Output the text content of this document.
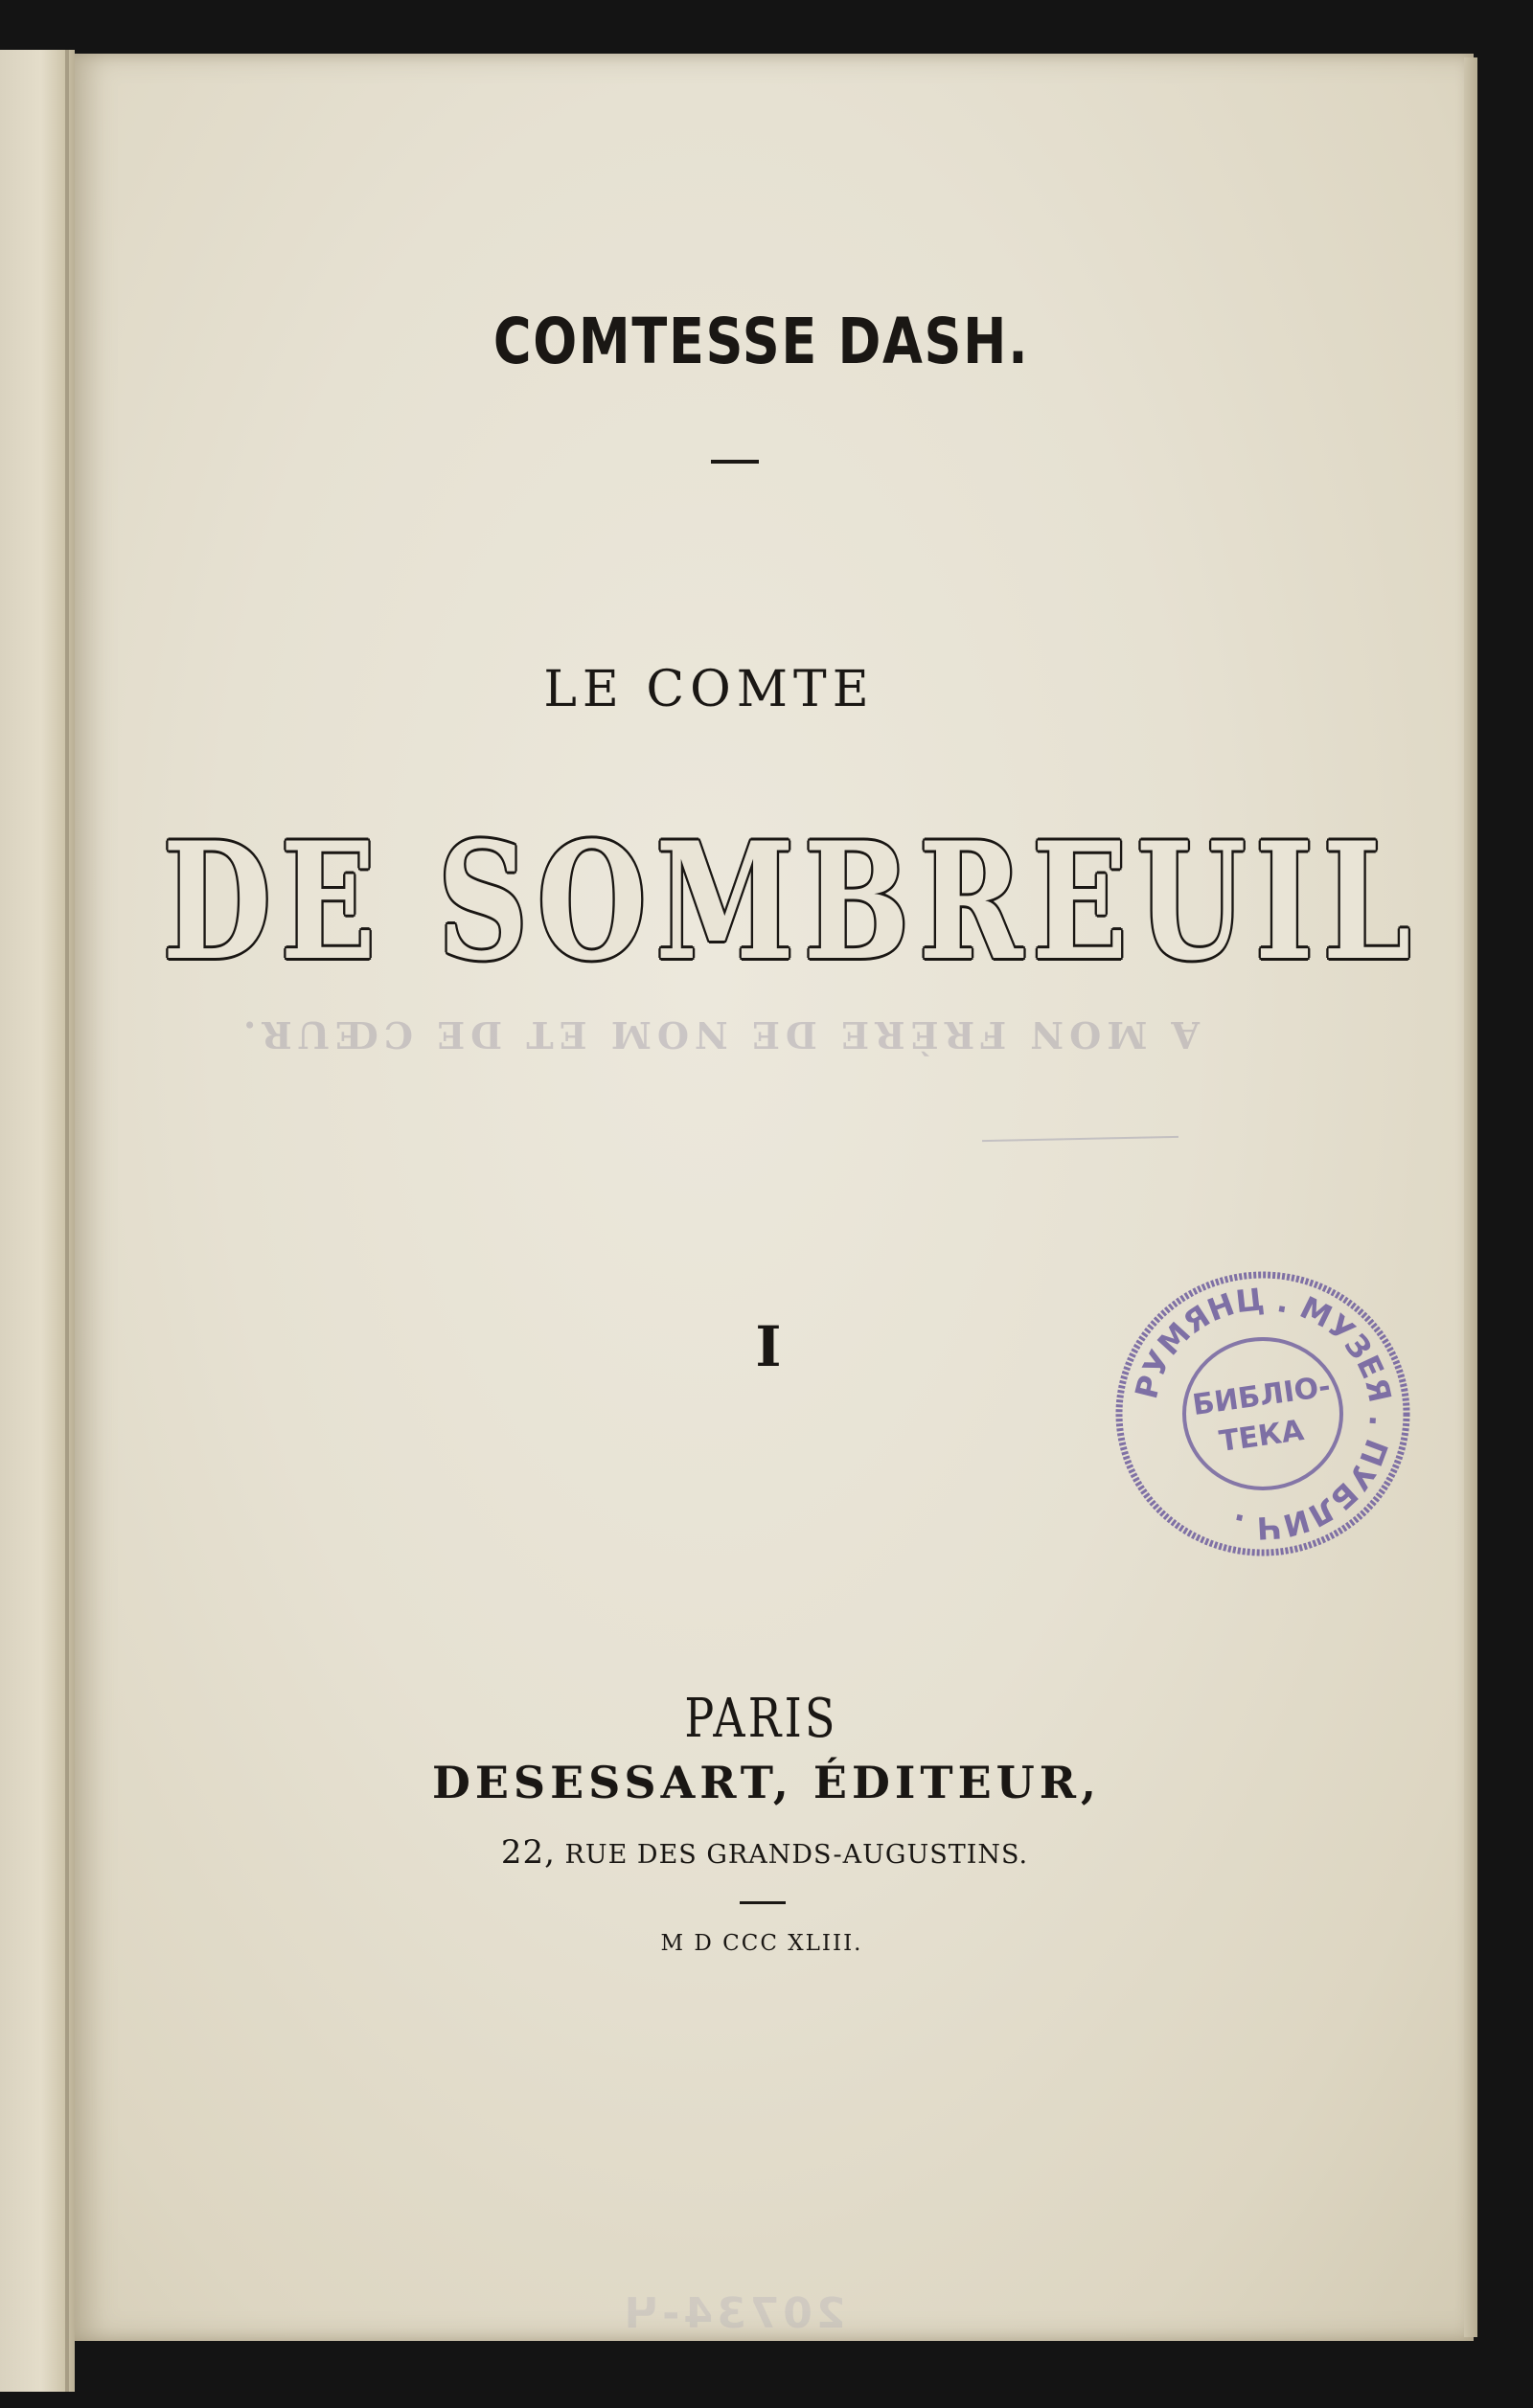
COMTESSE DASH.
LE COMTE
DE SOMBREUIL
A MON FRÈRE DE NOM ET DE CŒUR.
I
РУМЯНЦ . МУЗЕЯ . ПУБЛИЧ .
БИБЛІО-
ТЕКА
PARIS
DESESSART, ÉDITEUR,
22, RUE DES GRANDS-AUGUSTINS.
M D CCC XLIII.
20734-Ч
